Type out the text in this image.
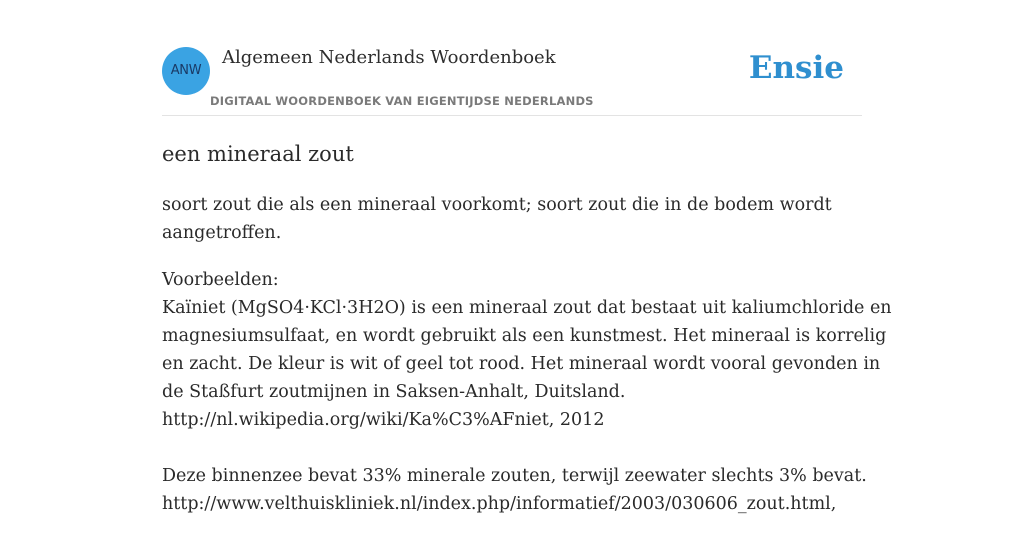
ANW
Algemeen Nederlands Woordenboek
DIGITAAL WOORDENBOEK VAN EIGENTIJDSE NEDERLANDS
Ensie
een mineraal zout

soort zout die als een mineraal voorkomt; soort zout die in de bodem wordt
aangetroffen.

Voorbeelden:
Kaïniet (MgSO4·KCl·3H2O) is een mineraal zout dat bestaat uit kaliumchloride en
magnesiumsulfaat, en wordt gebruikt als een kunstmest. Het mineraal is korrelig
en zacht. De kleur is wit of geel tot rood. Het mineraal wordt vooral gevonden in
de Staßfurt zoutmijnen in Saksen-Anhalt, Duitsland.
http://nl.wikipedia.org/wiki/Ka%C3%AFniet, 2012
Deze binnenzee bevat 33% minerale zouten, terwijl zeewater slechts 3% bevat.
http://www.velthuiskliniek.nl/index.php/informatief/2003/030606_zout.html,
